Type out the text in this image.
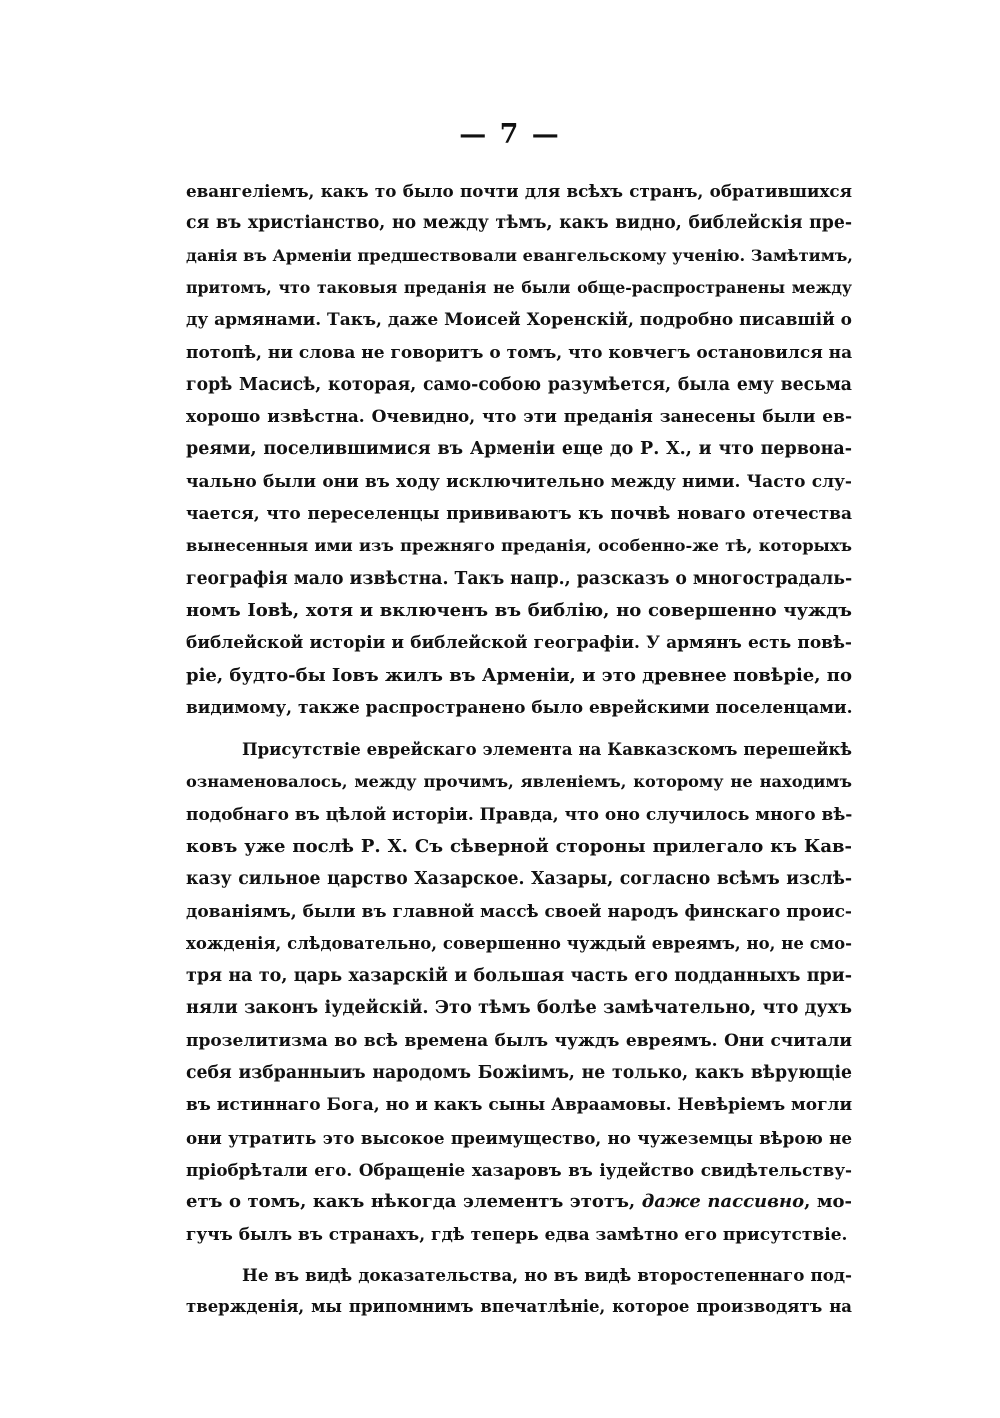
— 7 —
евангеліемъ, какъ то было почти для всѣхъ странъ, обратившихся
ся въ христіанство, но между тѣмъ, какъ видно, библейскія пре-
данія въ Арменіи предшествовали евангельскому ученію. Замѣтимъ,
притомъ, что таковыя преданія не были обще-распространены между
ду армянами. Такъ, даже Моисей Хоренскій, подробно писавшій о
потопѣ, ни слова не говоритъ о томъ, что ковчегъ остановился на
горѣ Масисѣ, которая, само-собою разумѣется, была ему весьма
хорошо извѣстна. Очевидно, что эти преданія занесены были ев-
реями, поселившимися въ Арменіи еще до Р. Х., и что первона-
чально были они въ ходу исключительно между ними. Часто слу-
чается, что переселенцы прививаютъ къ почвѣ новаго отечества
вынесенныя ими изъ прежняго преданія, особенно-же тѣ, которыхъ
географія мало извѣстна. Такъ напр., разсказъ о многострадаль-
номъ Іовѣ, хотя и включенъ въ библію, но совершенно чуждъ
библейской исторіи и библейской географіи. У армянъ есть повѣ-
ріе, будто-бы Іовъ жилъ въ Арменіи, и это древнее повѣріе, по
видимому, также распространено было еврейскими поселенцами.
Присутствіе еврейскаго элемента на Кавказскомъ перешейкѣ
ознаменовалось, между прочимъ, явленіемъ, которому не находимъ
подобнаго въ цѣлой исторіи. Правда, что оно случилось много вѣ-
ковъ уже послѣ Р. Х. Съ сѣверной стороны прилегало къ Кав-
казу сильное царство Хазарское. Хазары, согласно всѣмъ изслѣ-
дованіямъ, были въ главной массѣ своей народъ финскаго проис-
хожденія, слѣдовательно, совершенно чуждый евреямъ, но, не смо-
тря на то, царь хазарскій и большая часть его подданныхъ при-
няли законъ іудейскій. Это тѣмъ болѣе замѣчательно, что духъ
прозелитизма во всѣ времена былъ чуждъ евреямъ. Они считали
себя избранныиъ народомъ Божіимъ, не только, какъ вѣрующіе
въ истиннаго Бога, но и какъ сыны Авраамовы. Невѣріемъ могли
они утратить это высокое преимущество, но чужеземцы вѣрою не
пріобрѣтали его. Обращеніе хазаровъ въ іудейство свидѣтельству-
етъ о томъ, какъ нѣкогда элементъ этотъ, даже пассивно, мо-
гучъ былъ въ странахъ, гдѣ теперь едва замѣтно его присутствіе.
Не въ видѣ доказательства, но въ видѣ второстепеннаго под-
твержденія, мы припомнимъ впечатлѣніе, которое производятъ на
